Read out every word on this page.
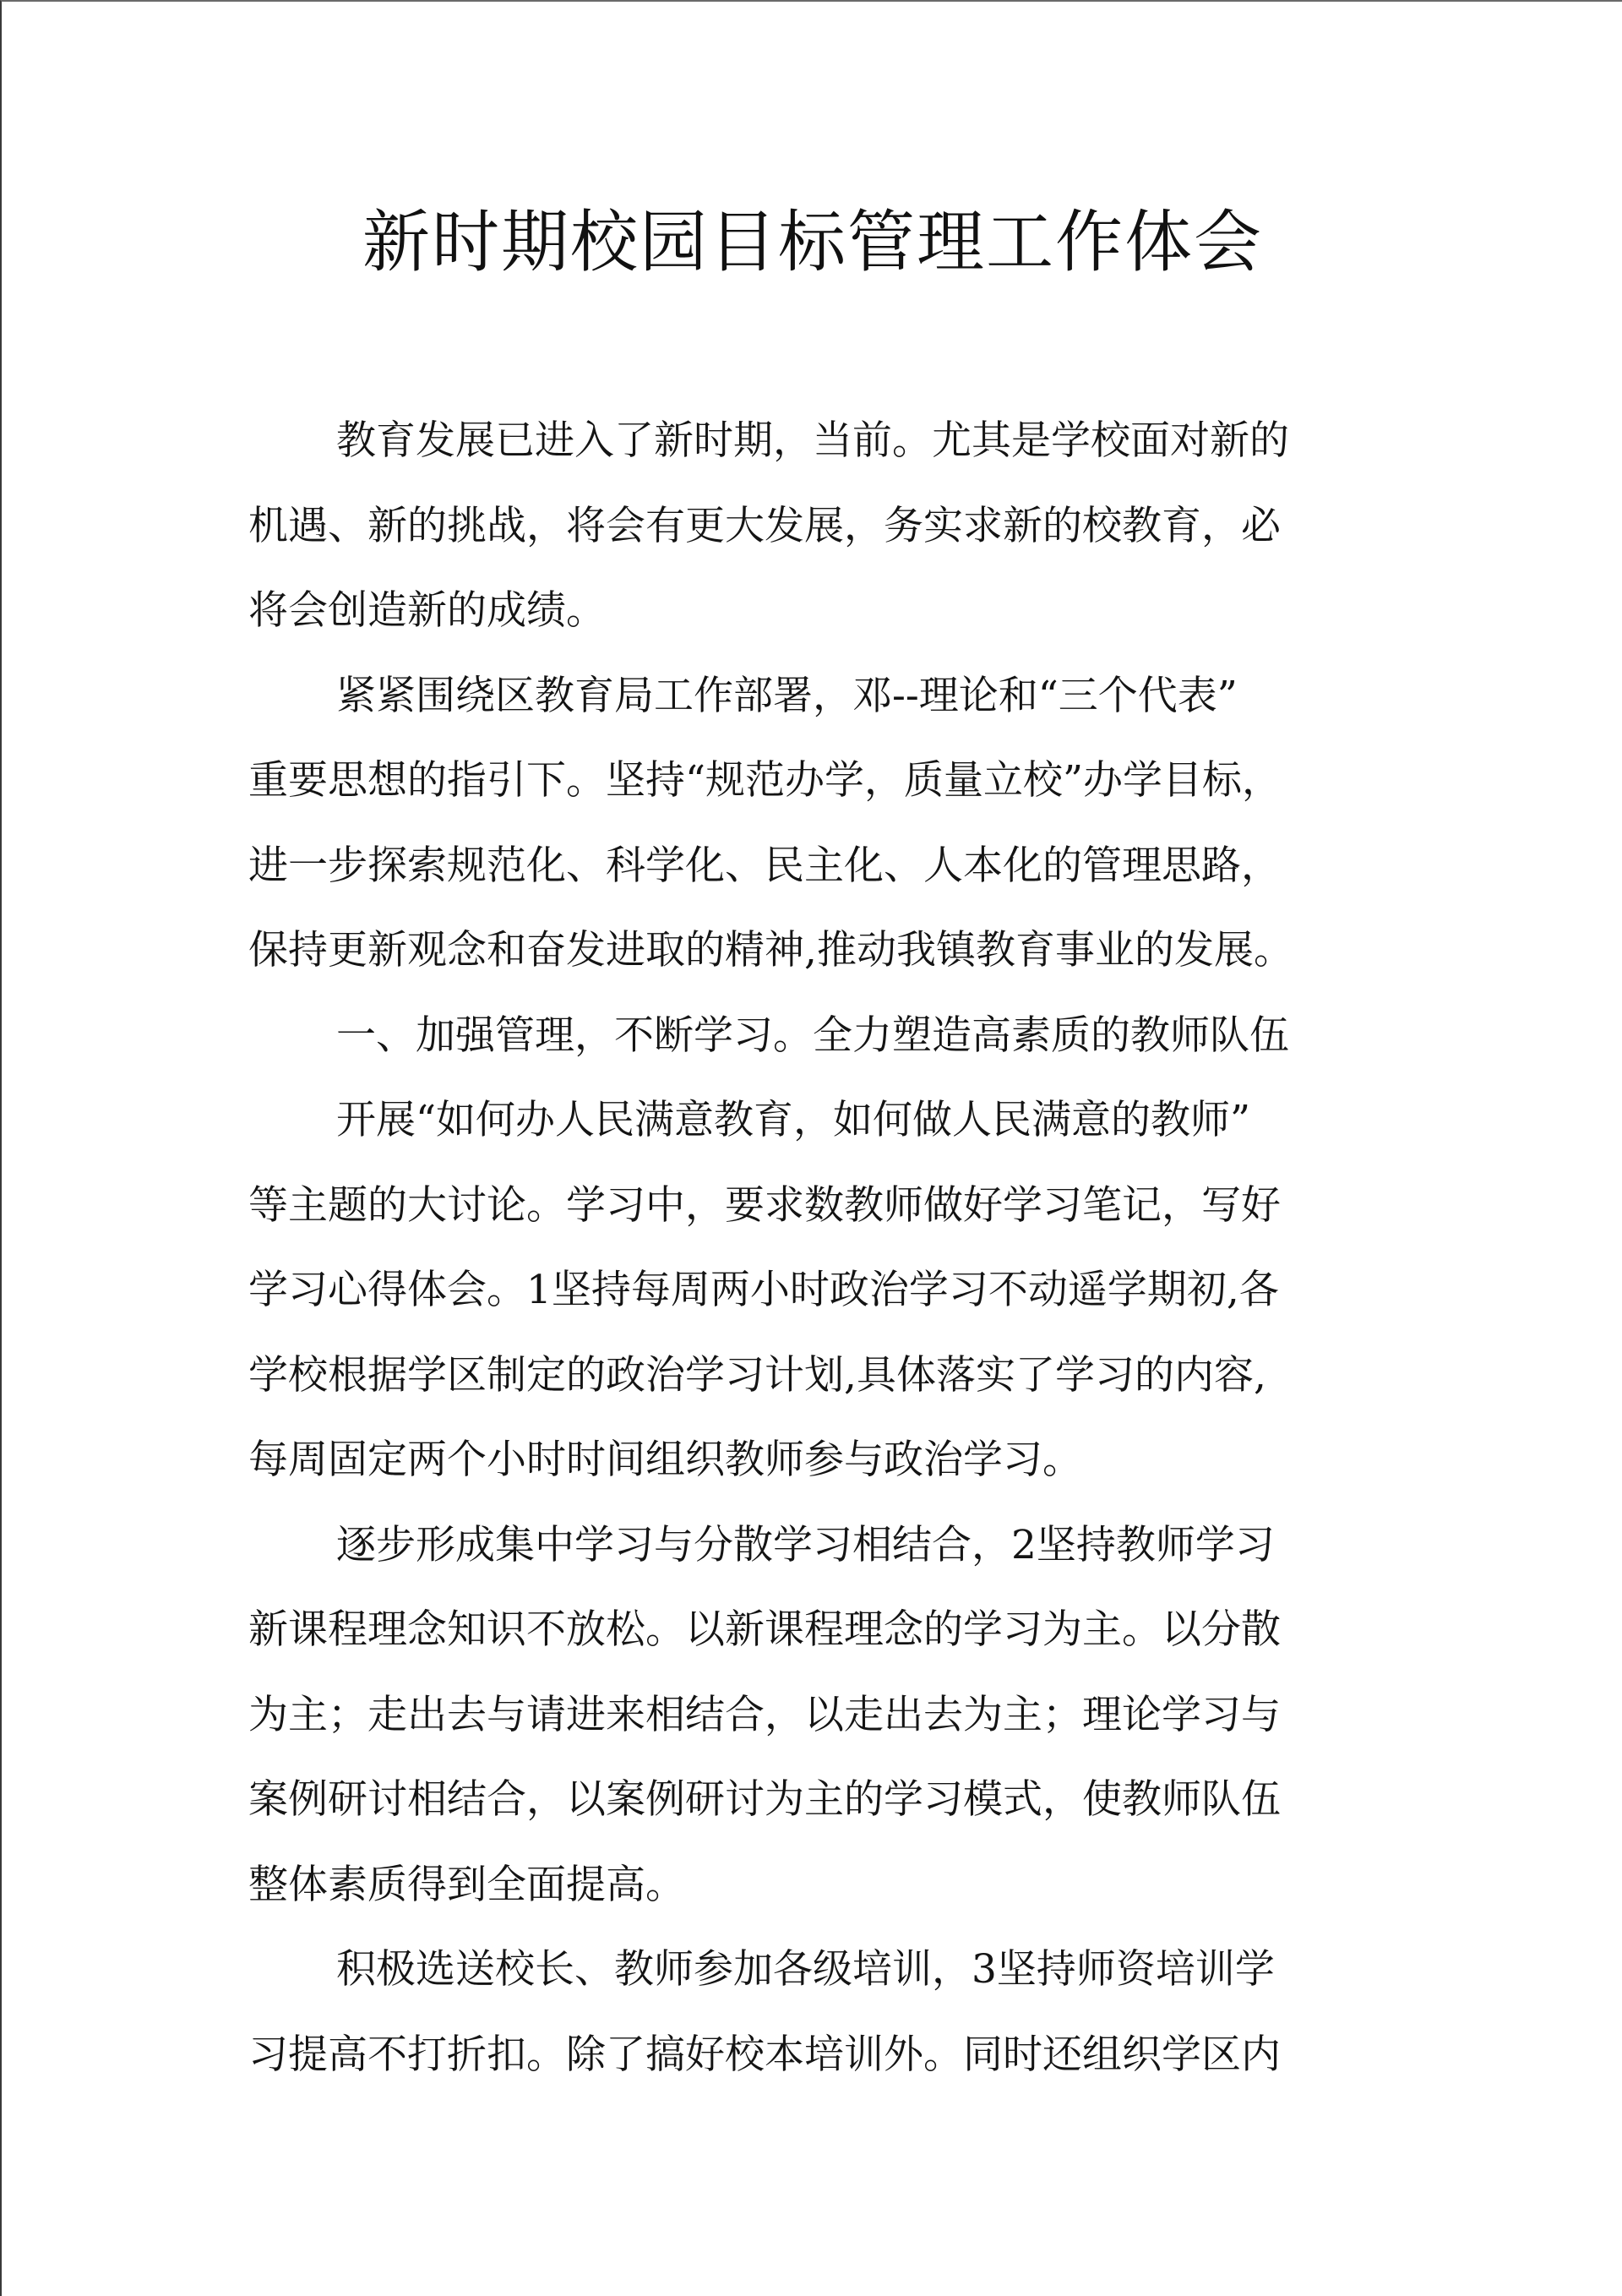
新时期校园目标管理工作体会
教育发展已进入了新时期，当前。尤其是学校面对新的
机遇、新的挑战，将会有更大发展，务实求新的校教育，必
将会创造新的成绩。
紧紧围绕区教育局工作部署，邓--理论和“三个代表”
重要思想的指引下。坚持“规范办学，质量立校”办学目标，
进一步探索规范化、科学化、民主化、人本化的管理思路，
保持更新观念和奋发进取的精神,推动我镇教育事业的发展。
一、加强管理，不断学习。全力塑造高素质的教师队伍
开展“如何办人民满意教育，如何做人民满意的教师”
等主题的大讨论。学习中，要求数教师做好学习笔记，写好
学习心得体会。1坚持每周两小时政治学习不动遥学期初,各
学校根据学区制定的政治学习计划,具体落实了学习的内容,
每周固定两个小时时间组织教师参与政治学习。
逐步形成集中学习与分散学习相结合，2坚持教师学习
新课程理念知识不放松。以新课程理念的学习为主。以分散
为主；走出去与请进来相结合，以走出去为主；理论学习与
案例研讨相结合，以案例研讨为主的学习模式，使教师队伍
整体素质得到全面提高。
积极选送校长、教师参加各级培训，3坚持师资培训学
习提高不打折扣。除了搞好校本培训外。同时还组织学区内
